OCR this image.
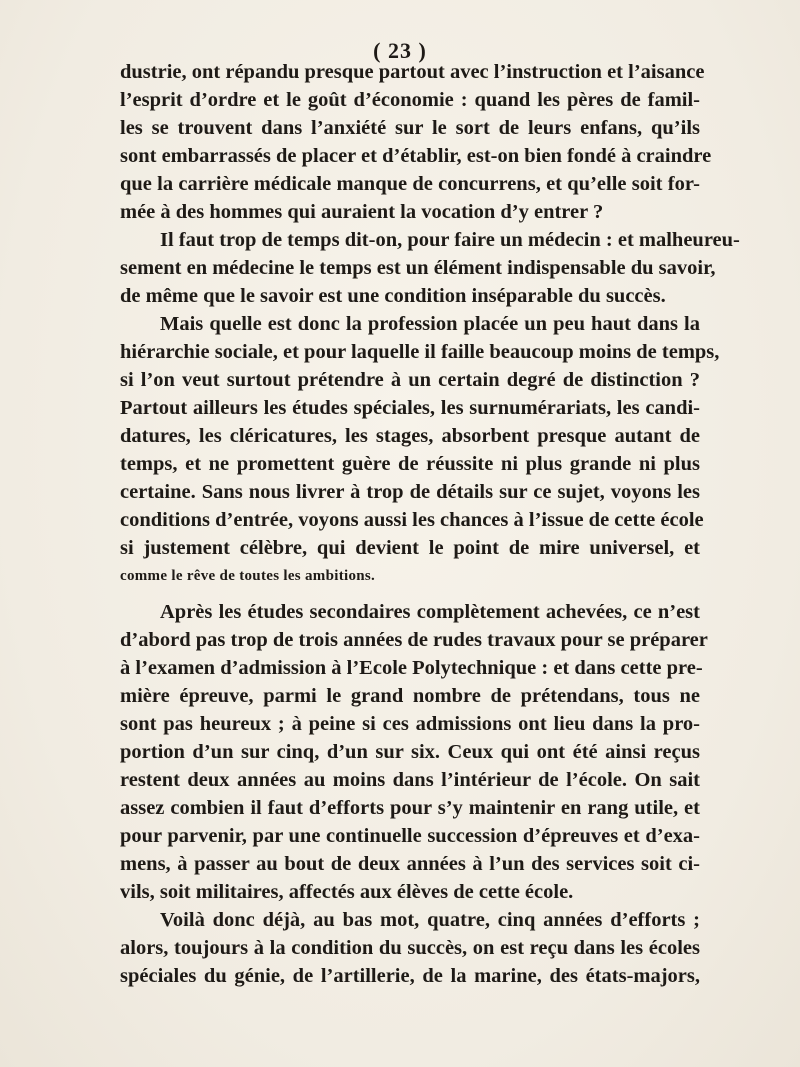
( 23 )
dustrie, ont répandu presque partout avec l’instruction et l’aisance
l’esprit d’ordre et le goût d’économie : quand les pères de famil-
les se trouvent dans l’anxiété sur le sort de leurs enfans, qu’ils
sont embarrassés de placer et d’établir, est-on bien fondé à craindre
que la carrière médicale manque de concurrens, et qu’elle soit for-
mée à des hommes qui auraient la vocation d’y entrer ?
Il faut trop de temps dit-on, pour faire un médecin : et malheureu-
sement en médecine le temps est un élément indispensable du savoir,
de même que le savoir est une condition inséparable du succès.
Mais quelle est donc la profession placée un peu haut dans la
hiérarchie sociale, et pour laquelle il faille beaucoup moins de temps,
si l’on veut surtout prétendre à un certain degré de distinction ?
Partout ailleurs les études spéciales, les surnumérariats, les candi-
datures, les cléricatures, les stages, absorbent presque autant de
temps, et ne promettent guère de réussite ni plus grande ni plus
certaine. Sans nous livrer à trop de détails sur ce sujet, voyons les
conditions d’entrée, voyons aussi les chances à l’issue de cette école
si justement célèbre, qui devient le point de mire universel, et
comme le rêve de toutes les ambitions.
Après les études secondaires complètement achevées, ce n’est
d’abord pas trop de trois années de rudes travaux pour se préparer
à l’examen d’admission à l’Ecole Polytechnique : et dans cette pre-
mière épreuve, parmi le grand nombre de prétendans, tous ne
sont pas heureux ; à peine si ces admissions ont lieu dans la pro-
portion d’un sur cinq, d’un sur six. Ceux qui ont été ainsi reçus
restent deux années au moins dans l’intérieur de l’école. On sait
assez combien il faut d’efforts pour s’y maintenir en rang utile, et
pour parvenir, par une continuelle succession d’épreuves et d’exa-
mens, à passer au bout de deux années à l’un des services soit ci-
vils, soit militaires, affectés aux élèves de cette école.
Voilà donc déjà, au bas mot, quatre, cinq années d’efforts ;
alors, toujours à la condition du succès, on est reçu dans les écoles
spéciales du génie, de l’artillerie, de la marine, des états-majors,
